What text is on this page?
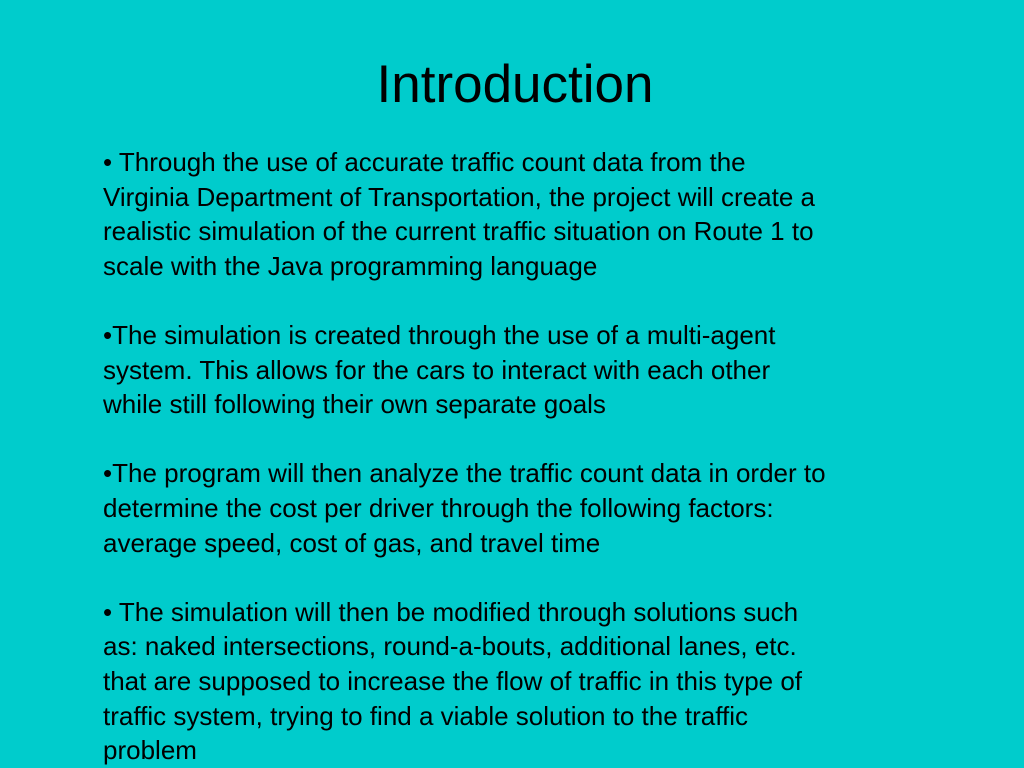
Introduction

• Through the use of accurate traffic count data from the
Virginia Department of Transportation, the project will create a
realistic simulation of the current traffic situation on Route 1 to
scale with the Java programming language

•The simulation is created through the use of a multi-agent
system. This allows for the cars to interact with each other
while still following their own separate goals

•The program will then analyze the traffic count data in order to
determine the cost per driver through the following factors:
average speed, cost of gas, and travel time

• The simulation will then be modified through solutions such
as: naked intersections, round-a-bouts, additional lanes, etc.
that are supposed to increase the flow of traffic in this type of
traffic system, trying to find a viable solution to the traffic
problem
